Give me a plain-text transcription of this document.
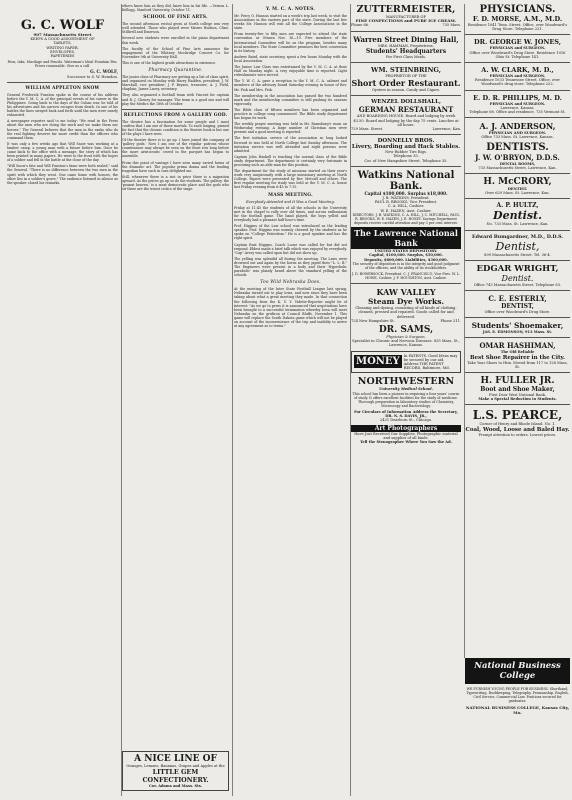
G. C. WOLF
907 Massachusetts Street
KEEPS A GOOD ASSORTMENT OF
TABLETS,
WRITING PAPER,
ENVELOPES,
PAPETERIES

Pens, Inks, Mucilage and Pencils. Waterman's Ideal Fountain Pen. Prices reasonable. Give us a call.

G. C. WOLF,
Successor to S. W. Hemdon.
WILLIAM APPLETON SNOW

General Frederick Funston spoke in the course of his address before the Y. M. C. A. of the principal events of his career in the Philippines. Going back to the days of the Cuban war, he told of his adventures and his narrow escapes from death. In one of his battles the lines swayed back and forth until the men were nearly exhausted.

A newspaper reporter said to me today: "We read in the Press about the men who are doing the work and we make them our heroes." The General believes that the men in the ranks who do the real fighting deserve far more credit than the officers who command them.

It was only a few weeks ago that Will Snow was working at a lumber camp, a young man with a future before him. Once he came back to the office with a message, the story of which has been printed in many papers. He went to the front with the hopes of a soldier and fell in the battle at the close of the day.

"Will Snow's fate and Will Funston's fame were both sealed," said the General. "There is no difference between the two men in the spirit with which they went. One came home with honors, the other lies in a soldier's grave." The audience listened in silence as the speaker closed his remarks.

others know him as they did, knew him in his life. —Vernon L. Kellogg, Stanford University, October 11.

SCHOOL OF FINE ARTS.

The second afternoon recital given at North college was very well attended. Those who played were Misses Hudson, Cline, Stillwell and Emerson.

Several new students were enrolled in the piano department this week.

The faculty of the School of Fine Arts announce the engagement of the Whitney Mockridge Concert Co. for November 9th at University Hall.

This is one of the highest grade attractions in existence.

Pharmacy Quarantine.

The junior class of Pharmacy are getting up a list of class spirit, and organized on Monday with Harry Hadden, president; J. W. Marshall, vice president; J. P. Bryant, treasurer; A. J. Field, chaplain; James Lacey, secretary.

They also organized a football team with Vincent for captain and R. J. Cheney for manager. The team is a good one and will play the Medics the 18th of October.

REFLECTIONS FROM A GALLERY GOD.

The theatre has a fascination for some people and I must confess that I am one of those mortals. To each longing, pinned for fact that the chronic condition is the theatre book is but one of the plays I have seen.

Of the theatre there is to go up. I have joined the company of 'gallery gods.' Now I am one of the regular patrons whose countenance may always be seen on the front row long before the more aristocratic crowd in the parquet has begun to assemble.

From this point of vantage I have seen many varied forms of the dramatic art. The popular prima donna and the leading tragedian have each in turn delighted me.

Still, whenever there is a riot in price there is a migration upward. As the prices go up so do the students. The gallery, the 'peanut heaven,' is a most democratic place and the gods who sit there are the truest critics of the stage.

A NICE LINE OF
Oranges, Lemons, Bananas, Grapes and Apples at the
LITTLE GEM CONFECTIONERY.
Cor. Adams and Mass. Sts.
Y. M. C. A. NOTES.

Mr. Percy O. Hanson started on a week's trip last week, to visit the Associations in the eastern part of the state. During the last few weeks Mr. Hanson will visit all the College Associations in the state.

From twenty-five to fifty men are expected to attend the state convention at Ottawa Nov. 16—19. Five members of the International Committee will be on the program, besides many local members. The State Committee promises the best convention in its history.

Andrew Baird, state secretary, spent a few hours Monday with the local Association.

The Junior Law Class was entertained by the Y. M. C. A. at their Hall on Monday night. A very enjoyable time is reported. Light refreshments were served.

The Y. W. C. A. gave a reception to the Y. M. C. A. cabinet and members of the advisory board Saturday evening in honor of Rev. Mr. Fisk and Mrs. Fisk.

The membership in the association has passed the two hundred mark and the membership committee is still pushing its canvass vigorously.

The Bible class of fifteen members has been organized and practice in college song commenced. The Bible study department has begun its work.

The weekly prayer meeting was held in Mr. Ramsburg's room on Wednesday evening. A large number of Christian men were present and a good meeting is reported.

The first initiation service of the association so long looked forward to was held at North College last Sunday afternoon. The initiation service was well attended and eight persons were admitted.

Captain John Haskell is teaching the normal class of the Bible study department. The department is certainly very fortunate in procuring such an able man for this position.

The department for the study of missions started on their year's work very auspiciously with a large missionary meeting at North College. Papers were presented by Rev. Metcalf and others. The first regular meeting for study was held at the Y. M. C. A. house last Friday evening from 6:45 to 7:15.

MASS MEETING.
Everybody Attended and It Was a Good Meeting.

Friday at 11:45 the students of all the schools in the University met in the chapel to rally over old times, and across enthusiasm for the football game. The band played, the boys yelled and everybody had a pleasant half hour's time.

Prof. Higgins of the Law school was introduced as the leading speaker. Prof. Higgins was warmly cheered by the students as he spoke on "College Patriotism." He is a good speaker and has the right spirit.

Captain Rust Higgins, Coach Loose was called for but did not respond. Eldest made a brief talk which was enjoyed by everybody. "Cap" Avery was called upon but did not show up.

The yelling was splendid all during the meeting. The Laws were drowned out and again by the horns as they piped their "L. L. B." The Engineers were present in a body and their 'Hyperbolic parabolic' was plainly heard above the standard yelling of the schools.

Too Wild Nebraska Does.

At the meeting of the Inter State Football League last spring, Nebraska turned out to play Iowa, and now since they have been taking about what a great meeting they made. In that connection the following from the K. U. Y. Vidette-Reporter might be of interest: "As we go to press it is announced that negotiations have been brought to a successful termination whereby Iowa will meet Nebraska on the gridiron at Council Bluffs, November 1. This game will replace the South Dakota game which will not be played on account of the inconvenience of the trip and inability to arrive at any agreement as to terms."

ZUTTERMEISTER,
MANUFACTURER OF
FINE CONFECTIONS and PURE ICE CREAM.
Phone 66.	735 Mass.
Warren Street Dining Hall,
MRS. HAMMAN, Proprietress.
Students' Headquarters
For First Class Meals.
WM. STEINBRING,
PROPRIETOR OF THE
Short Order Restaurant.
Oysters in season. Candy and Cigars.
WENZEL DOLLSHALL,
GERMAN RESTAURANT
AND BOARDING HOUSE. Board and lodging by week $3.50. Board and lodging by the day 75 cents. Lunches at all hours.
729 Mass. Street,	Lawrence, Kan.
DONNELLY BROS.
Livery, Boarding and Hack Stables.
New Rubber Tire Rigs.
Telephone 35.
Cor. of New Hampshire Street, Telephone 35.
Watkins National Bank.
Capital $100,000. Surplus $18,000.
J. B. WATKINS, President.
PAUL R. BROOKS, Vice President.
C. A. HILL, Cashier.
W. E. HAZEN, Asst. Cashier.

DIRECTORS: J. B. WATKINS, C. A. HILL, J. C. MITCHELL, PAUL R. BROOKS, W. E. HAZEN, J. E. HOSEY. Savings Department deposits receive careful attention and pay 3 per cent interest.

The Lawrence National Bank
UNITED STATES DEPOSITORY.
Capital, $100,000. Surplus, $50,000.
Deposits, $800,000. Liabilities, $300,000.

The security of depositors is in the integrity and good judgment of the officers, and the ability of its stockholders.

J. D. BOWERSOCK, President. C. J. FRANCISCO, Vice Pres. W. L. HOWE, Cashier. J. F. HOUGHTON, Asst. Cashier.

KAW VALLEY
Steam Dye Works.
Cleaning and dyeing, consisting of all kinds of clothing, cleaned, pressed and repaired. Goods called for and delivered.
724 New Hampshire St.	Phone 211.
DR. SAMS,
Physician & Surgeon,
Specialist in Chronic and Nervous Diseases. 835 Mass. St., Lawrence, Kansas.
MONEY
In PATENTS. Good Ideas may be secured by our aid. Address THE PATENT RECORD, Baltimore, Md.
NORTHWESTERN
University Medical School.

This school has been a pioneer in requiring a four years' course of study. It offers excellent facilities for the study of medicine. Thorough preparation in laboratory studies of Chemistry, Microscopy and Bacteriology.

For Circulars of Information Address the Secretary,
DR. N. S. DAVIS, JR.,
2431 Dearborn St., Chicago.
Art Photographers
Have Just Received Our Supplies. Photographic material and supplies of all kinds.
Tell the Stenographer Where You Saw the Ad.
PHYSICIANS.
F. D. MORSE, A.M., M.D.
Residence 1041 Tenn. Street. Office, over Woodward's Drug Store. Telephone 221.
DR. GEORGE W. JONES,
PHYSICIAN and SURGEON.
Office over Woodward's Drug Store. Residence 1016 Ohio St. Telephone 141.
A. W. CLARK, M. D.,
PHYSICIAN and SURGEON.
Residence 1033 Tennessee Street. Office, over Woodward's drug store. Telephone 222.
E. D. R. PHILLIPS, M. D.
PHYSICIAN and SURGEON.
Lawrence, Kansas.
Telephone 68. Office and residence, 735 Vermont St.
A. J. ANDERSON,
PHYSICIAN AND SURGEON.
Office 733 Mass. St. Lawrence, Kansas.
DENTISTS.
J. W. O'BRYON, D.D.S.
DENTAL ROOMS,
735 Massachusetts Street, Lawrence, Kan.
H. McCRORY,
DENTIST.
Over 629 Mass. St. Lawrence, Kan.
A. P. HULTZ,
Dentist.
No. 733 Mass. St. Lawrence, Kan.
Edward Bumgardner, M.D., D.D.S.
Dentist,
809 Massachusetts Street. Tel. 36-4.
EDGAR WRIGHT,
Dentist.
Office 743 Massachusetts Street. Telephone 83.
C. E. ESTERLY,
DENTIST,
Office over Woodward's Drug Store.
Students' Shoemaker,
JAS. E. EDMONSON, 913 Mass. St.
OMAR HASHIMAN,
The Old Reliable
Best Shoe Repairer in the City.
Take Your Shoes to Him. Moved from 117 to 128 Mass. St.
H. FULLER JR.
Boot and Shoe Maker,
First Door West National Bank.
Make a Special Reduction to Students.
L.S. PEARCE,
Corner of Henry and Rhode Island. No. 1.
Coal, Wood, Loose and Baled Hay.
Prompt attention to orders. Lowest prices.
National Business College

WE FURNISH YOUNG PEOPLE FOR BUSINESS. Shorthand, Typewriting, Bookkeeping, Telegraphy, Penmanship, English, Civil Service, Commercial Law. Positions secured for graduates.

NATIONAL BUSINESS COLLEGE, Kansas City, Mo.
